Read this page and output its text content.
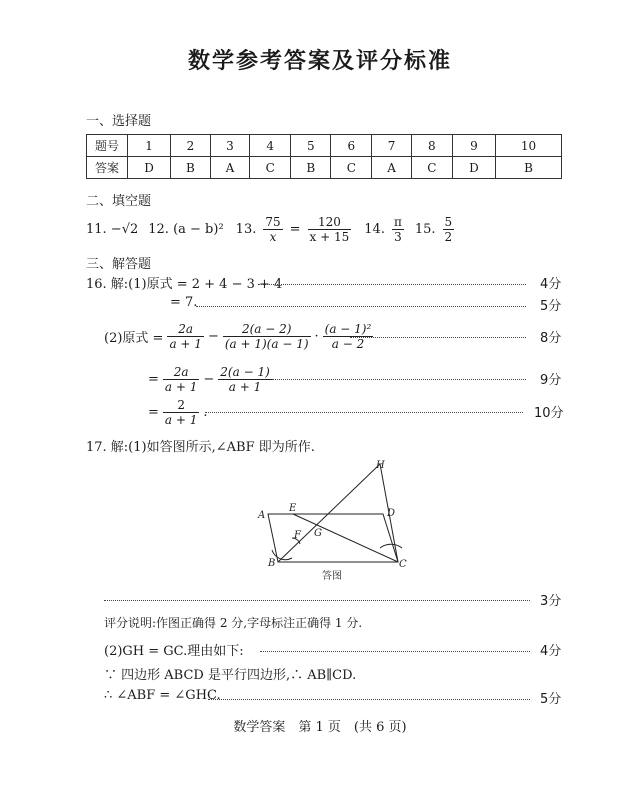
数学参考答案及评分标准
一、选择题
题号	1	2	3	4	5	6	7	8	9	10
答案	D	B	A	C	B	C	A	C	D	B
二、填空题
11. −√2 12. (a − b)² 13. $\frac{75}{x} = \frac{120}{x + 15} 14$. $\frac{\pi}{3} 15$. $\frac{5}{2}$
三、解答题
16. 解:(1)原式 = 2 + 4 − 3 + 4	4分
= 7.	5分
(2)原式 = $\frac{2a}{a + 1} - \frac{2(a - 2)}{(a + 1)(a - 1)} \cdot \frac{\text{(a − 1)²}}{a - 2}$	8分
= $\frac{2a}{a + 1} - \frac{2(a - 1)}{a + 1}$	9分
= $\frac{2}{a + 1}$ .	10分
17. 解:(1)如答图所示,∠ABF 即为所作.
H
A
E	D
G
F
B	C
答图
3分
评分说明:作图正确得 2 分,字母标注正确得 1 分.
(2)GH = GC.理由如下:	4分
∵ 四边形 ABCD 是平行四边形,∴ AB∥CD.
∴ ∠ABF = ∠GHC.	5分
数学答案　第 1 页　(共 6 页)
